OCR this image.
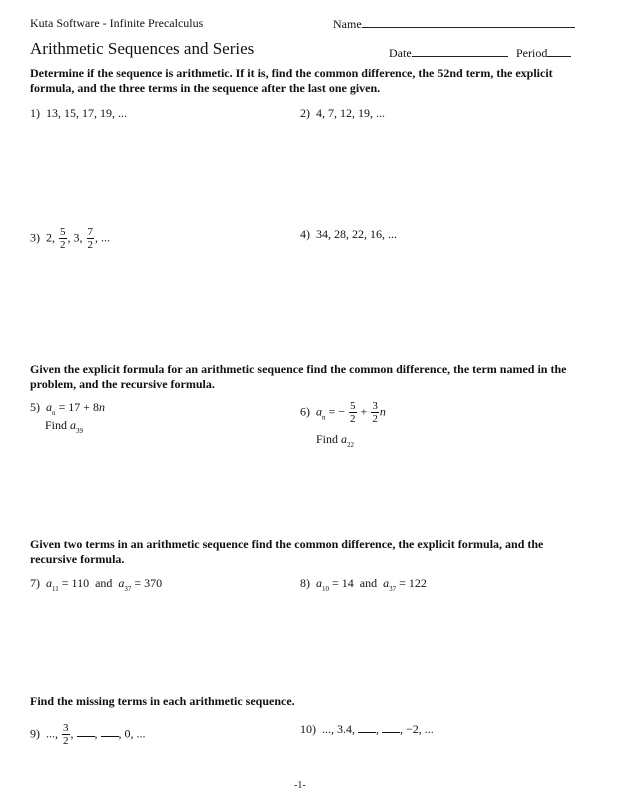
Kuta Software - Infinite Precalculus	Name
Arithmetic Sequences and Series	Date	Period
Determine if the sequence is arithmetic. If it is, find the common difference, the 52nd term, the explicit formula, and the three terms in the sequence after the last one given.
1) 13, 15, 17, 19, ...	2) 4, 7, 12, 19, ...
3) 2, $\frac{5}{2}$ , 3, $\frac{7}{2}$ , ...	4) 34, 28, 22, 16, ...
Given the explicit formula for an arithmetic sequence find the common difference, the term named in the problem, and the recursive formula.
5) $a_n = 17 + 8n$
Find $a_{39}$
6) $a_n$ = − $\frac{5}{2} + \frac{3}{2}$ n
Find $a_{22}$
Given two terms in an arithmetic sequence find the common difference, the explicit formula, and the recursive formula.
7) $a_{11} = 110$ and $a_{37} = 370$	8) $a_{10} = 14$ and $a_{37} = 122$
Find the missing terms in each arithmetic sequence.
9) ..., $\frac{3}{2}$ , , , 0, ...	10) ..., 3.4, , , −2, ...
-1-
